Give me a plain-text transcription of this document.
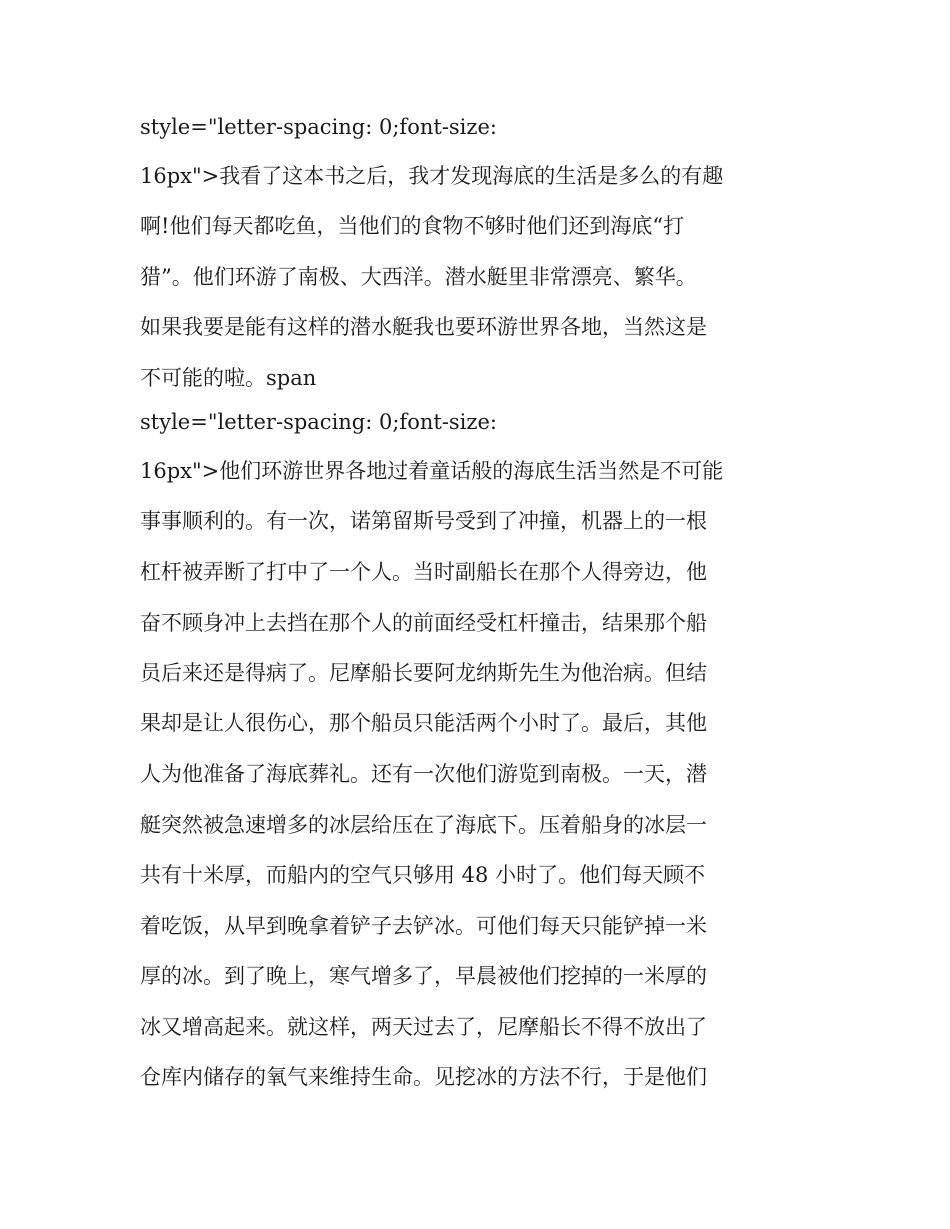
style="letter-spacing: 0;font-size:
16px">我看了这本书之后，我才发现海底的生活是多么的有趣
啊!他们每天都吃鱼，当他们的食物不够时他们还到海底“打
猎”。他们环游了南极、大西洋。潜水艇里非常漂亮、繁华。
如果我要是能有这样的潜水艇我也要环游世界各地，当然这是
不可能的啦。span
style="letter-spacing: 0;font-size:
16px">他们环游世界各地过着童话般的海底生活当然是不可能
事事顺利的。有一次，诺第留斯号受到了冲撞，机器上的一根
杠杆被弄断了打中了一个人。当时副船长在那个人得旁边，他
奋不顾身冲上去挡在那个人的前面经受杠杆撞击，结果那个船
员后来还是得病了。尼摩船长要阿龙纳斯先生为他治病。但结
果却是让人很伤心，那个船员只能活两个小时了。最后，其他
人为他准备了海底葬礼。还有一次他们游览到南极。一天，潜
艇突然被急速增多的冰层给压在了海底下。压着船身的冰层一
共有十米厚，而船内的空气只够用 48 小时了。他们每天顾不
着吃饭，从早到晚拿着铲子去铲冰。可他们每天只能铲掉一米
厚的冰。到了晚上，寒气增多了，早晨被他们挖掉的一米厚的
冰又增高起来。就这样，两天过去了，尼摩船长不得不放出了
仓库内储存的氧气来维持生命。见挖冰的方法不行，于是他们
